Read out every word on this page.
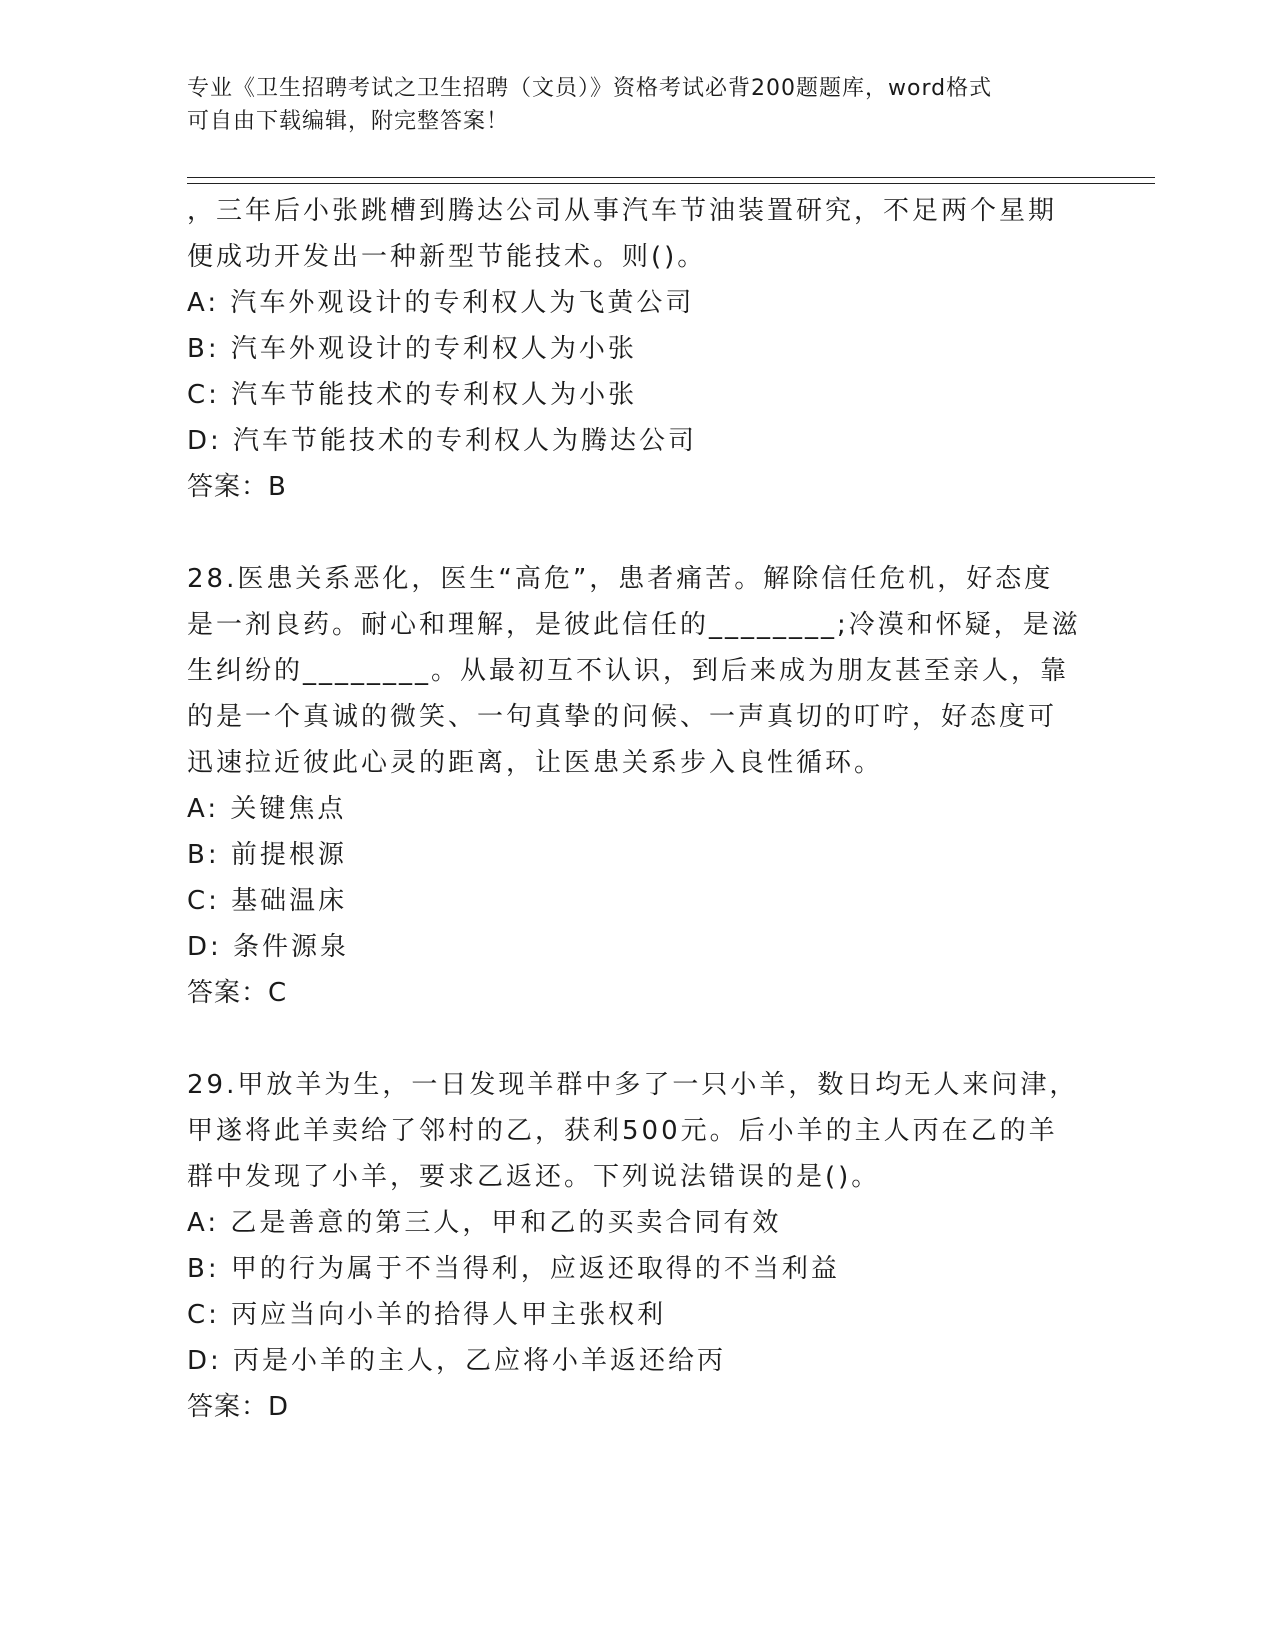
专业《卫生招聘考试之卫生招聘（文员）》资格考试必背200题题库，word格式
可自由下载编辑，附完整答案！
，三年后小张跳槽到腾达公司从事汽车节油装置研究，不足两个星期
便成功开发出一种新型节能技术。则()。
A: 汽车外观设计的专利权人为飞黄公司
B: 汽车外观设计的专利权人为小张
C: 汽车节能技术的专利权人为小张
D: 汽车节能技术的专利权人为腾达公司
答案：B
28.医患关系恶化，医生“高危”，患者痛苦。解除信任危机，好态度
是一剂良药。耐心和理解，是彼此信任的________;冷漠和怀疑，是滋
生纠纷的________。从最初互不认识，到后来成为朋友甚至亲人，靠
的是一个真诚的微笑、一句真挚的问候、一声真切的叮咛，好态度可
迅速拉近彼此心灵的距离，让医患关系步入良性循环。
A: 关键焦点
B: 前提根源
C: 基础温床
D: 条件源泉
答案：C
29.甲放羊为生，一日发现羊群中多了一只小羊，数日均无人来问津，
甲遂将此羊卖给了邻村的乙，获利500元。后小羊的主人丙在乙的羊
群中发现了小羊，要求乙返还。下列说法错误的是()。
A: 乙是善意的第三人，甲和乙的买卖合同有效
B: 甲的行为属于不当得利，应返还取得的不当利益
C: 丙应当向小羊的拾得人甲主张权利
D: 丙是小羊的主人，乙应将小羊返还给丙
答案：D
